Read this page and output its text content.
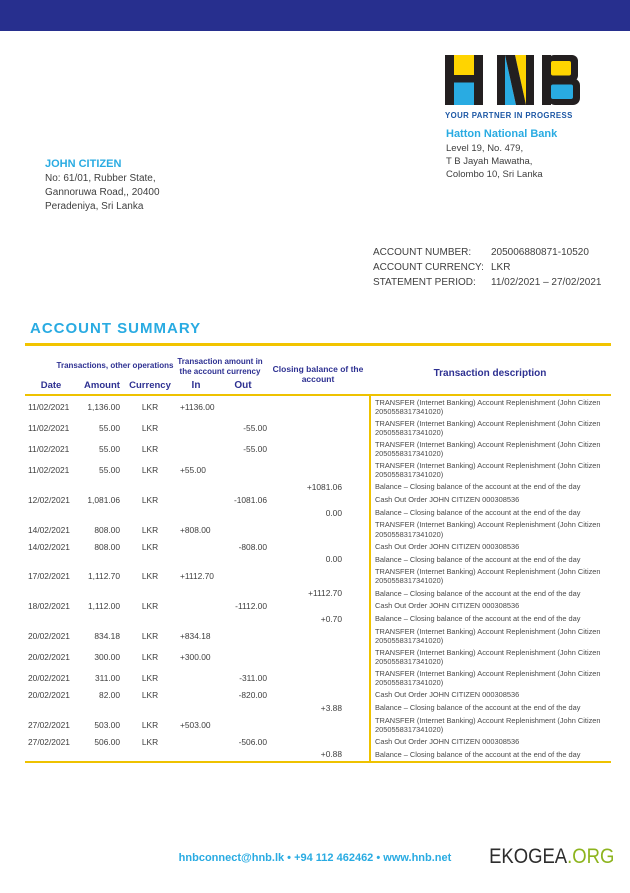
YOUR PARTNER IN PROGRESS
Hatton National Bank
Level 19, No. 479,
T B Jayah Mawatha,
Colombo 10, Sri Lanka
JOHN CITIZEN
No: 61/01, Rubber State,
Gannoruwa Road,, 20400
Peradeniya, Sri Lanka
ACCOUNT NUMBER:	205006880871-10520
ACCOUNT CURRENCY: LKR
STATEMENT PERIOD:	11/02/2021 – 27/02/2021
ACCOUNT SUMMARY
Transactions, other operations Transaction amount in the account currency	Closing balance of the account	Transaction description
Date	Amount Currency	In	Out
11/02/2021	1,136.00	LKR	+1136.00	TRANSFER (Internet Banking) Account Replenishment (John Citizen 2050558317341020)
11/02/2021	55.00	LKR	-55.00	TRANSFER (Internet Banking) Account Replenishment (John Citizen 2050558317341020)
11/02/2021	55.00	LKR	-55.00	TRANSFER (Internet Banking) Account Replenishment (John Citizen 2050558317341020)
11/02/2021	55.00	LKR	+55.00	TRANSFER (Internet Banking) Account Replenishment (John Citizen 2050558317341020)
+1081.06	Balance – Closing balance of the account at the end of the day
12/02/2021	1,081.06	LKR	-1081.06	Cash Out Order JOHN CITIZEN 000308536
0.00	Balance – Closing balance of the account at the end of the day
14/02/2021	808.00	LKR	+808.00	TRANSFER (Internet Banking) Account Replenishment (John Citizen 2050558317341020)
14/02/2021	808.00	LKR	-808.00	Cash Out Order JOHN CITIZEN 000308536
0.00	Balance – Closing balance of the account at the end of the day
17/02/2021	1,112.70	LKR	+1112.70	TRANSFER (Internet Banking) Account Replenishment (John Citizen 2050558317341020)
+1112.70	Balance – Closing balance of the account at the end of the day
18/02/2021	1,112.00	LKR	-1112.00	Cash Out Order JOHN CITIZEN 000308536
+0.70	Balance – Closing balance of the account at the end of the day
20/02/2021	834.18	LKR	+834.18	TRANSFER (Internet Banking) Account Replenishment (John Citizen 2050558317341020)
20/02/2021	300.00	LKR	+300.00	TRANSFER (Internet Banking) Account Replenishment (John Citizen 2050558317341020)
20/02/2021	311.00	LKR	-311.00	TRANSFER (Internet Banking) Account Replenishment (John Citizen 2050558317341020)
20/02/2021	82.00	LKR	-820.00	Cash Out Order JOHN CITIZEN 000308536
+3.88	Balance – Closing balance of the account at the end of the day
27/02/2021	503.00	LKR	+503.00	TRANSFER (Internet Banking) Account Replenishment (John Citizen 2050558317341020)
27/02/2021	506.00	LKR	-506.00	Cash Out Order JOHN CITIZEN 000308536
+0.88	Balance – Closing balance of the account at the end of the day
hnbconnect@hnb.lk • +94 112 462462 • www.hnb.net	EKOGEA.ORG
